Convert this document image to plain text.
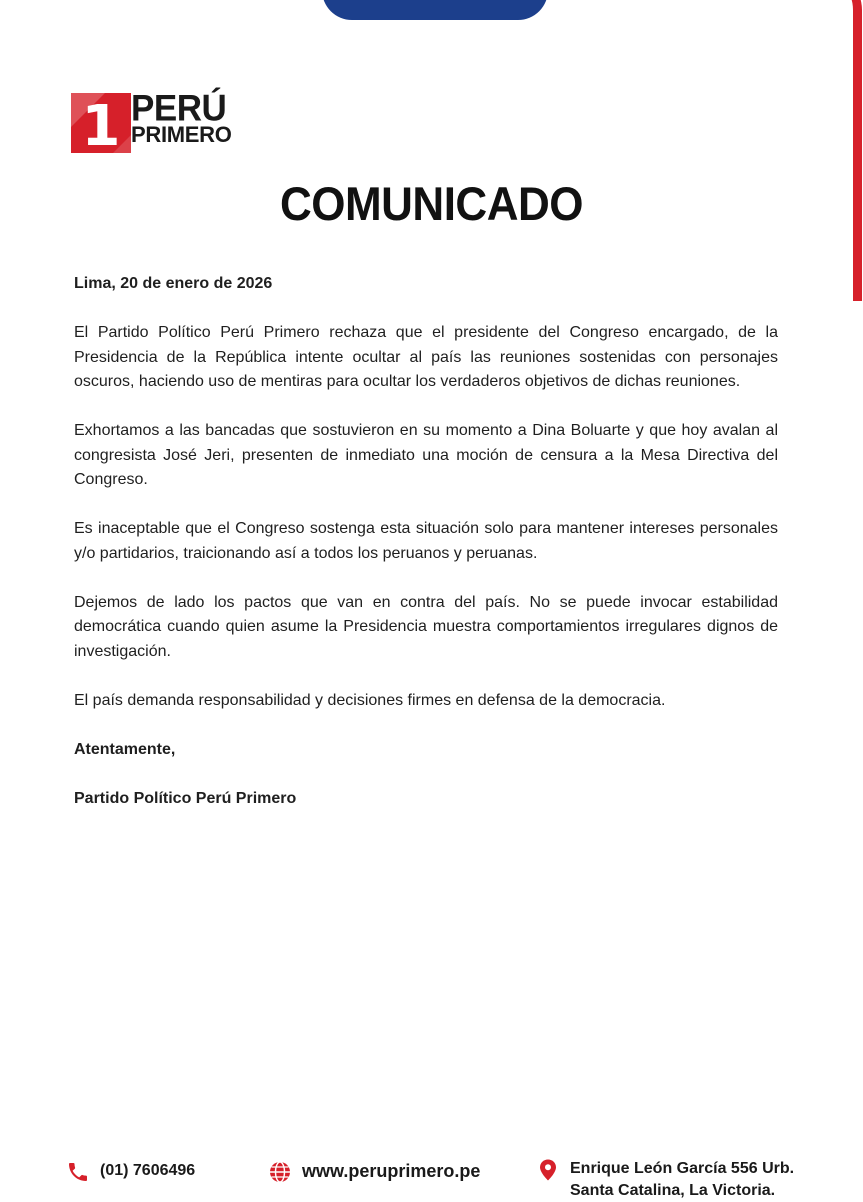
1 PERÚ
PRIMERO
COMUNICADO

Lima, 20 de enero de 2026

El Partido Político Perú Primero rechaza que el presidente del Congreso encargado, de la Presidencia de la República intente ocultar al país las reuniones sostenidas con personajes oscuros, haciendo uso de mentiras para ocultar los verdaderos objetivos de dichas reuniones.

Exhortamos a las bancadas que sostuvieron en su momento a Dina Boluarte y que hoy avalan al congresista José Jeri, presenten de inmediato una moción de censura a la Mesa Directiva del Congreso.

Es inaceptable que el Congreso sostenga esta situación solo para mantener intereses personales y/o partidarios, traicionando así a todos los peruanos y peruanas.

Dejemos de lado los pactos que van en contra del país. No se puede invocar estabilidad democrática cuando quien asume la Presidencia muestra comportamientos irregulares dignos de investigación.

El país demanda responsabilidad y decisiones firmes en defensa de la democracia.

Atentamente,

Partido Político Perú Primero

(01) 7606496	www.peruprimero.pe	Enrique León García 556 Urb.
Santa Catalina, La Victoria.
